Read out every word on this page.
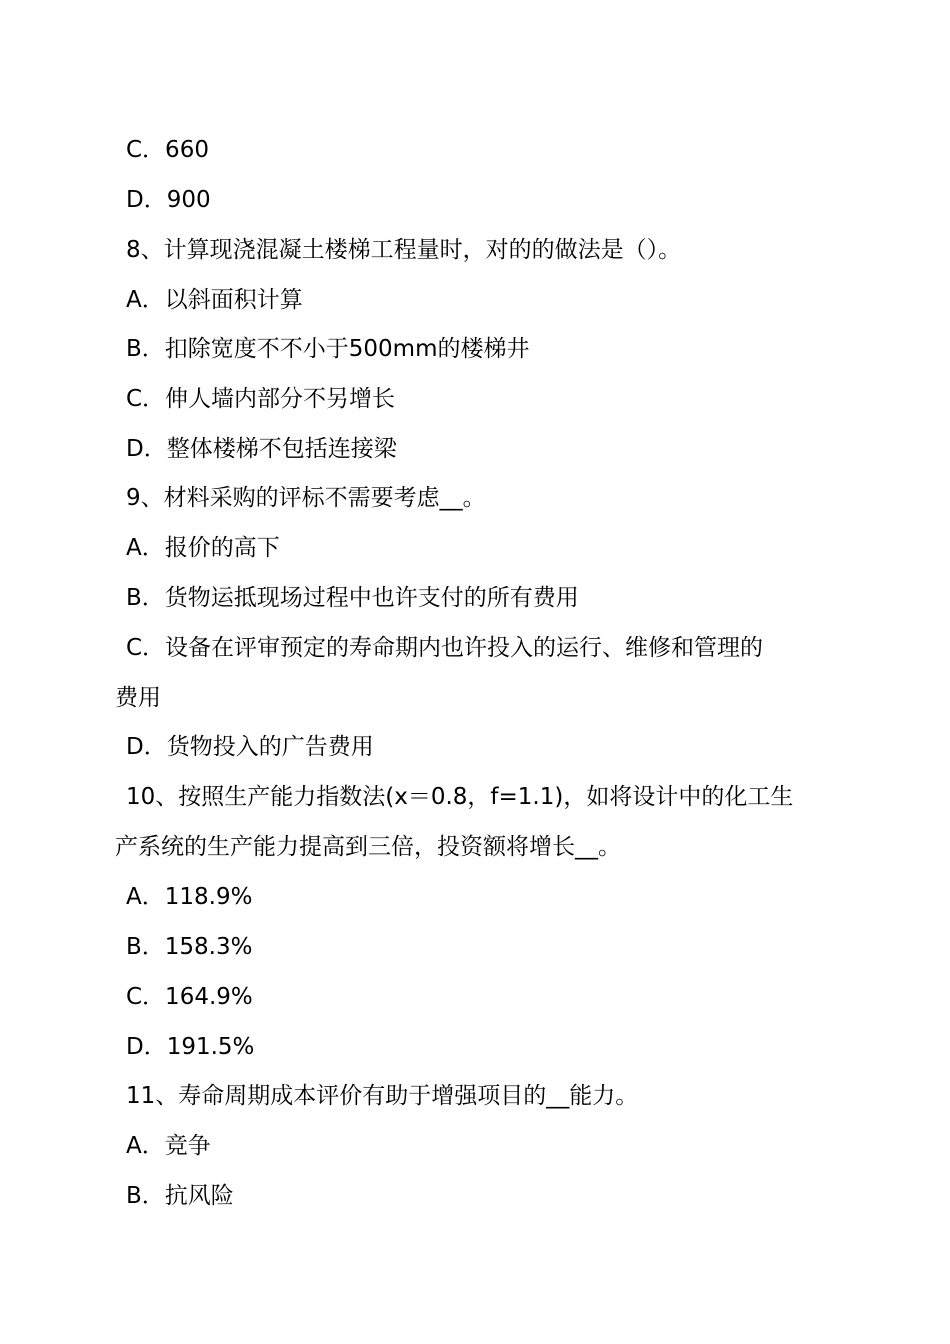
C．660
D．900
8、计算现浇混凝土楼梯工程量时，对的的做法是（）。
A．以斜面积计算
B．扣除宽度不不小于500mm的楼梯井
C．伸人墙内部分不另增长
D．整体楼梯不包括连接梁
9、材料采购的评标不需要考虑__。
A．报价的高下
B．货物运抵现场过程中也许支付的所有费用
C．设备在评审预定的寿命期内也许投入的运行、维修和管理的
费用
D．货物投入的广告费用
10、按照生产能力指数法(x＝0.8，f=1.1)，如将设计中的化工生
产系统的生产能力提高到三倍，投资额将增长__。
A．118.9%
B．158.3%
C．164.9%
D．191.5%
11、寿命周期成本评价有助于增强项目的__能力。
A．竞争
B．抗风险
